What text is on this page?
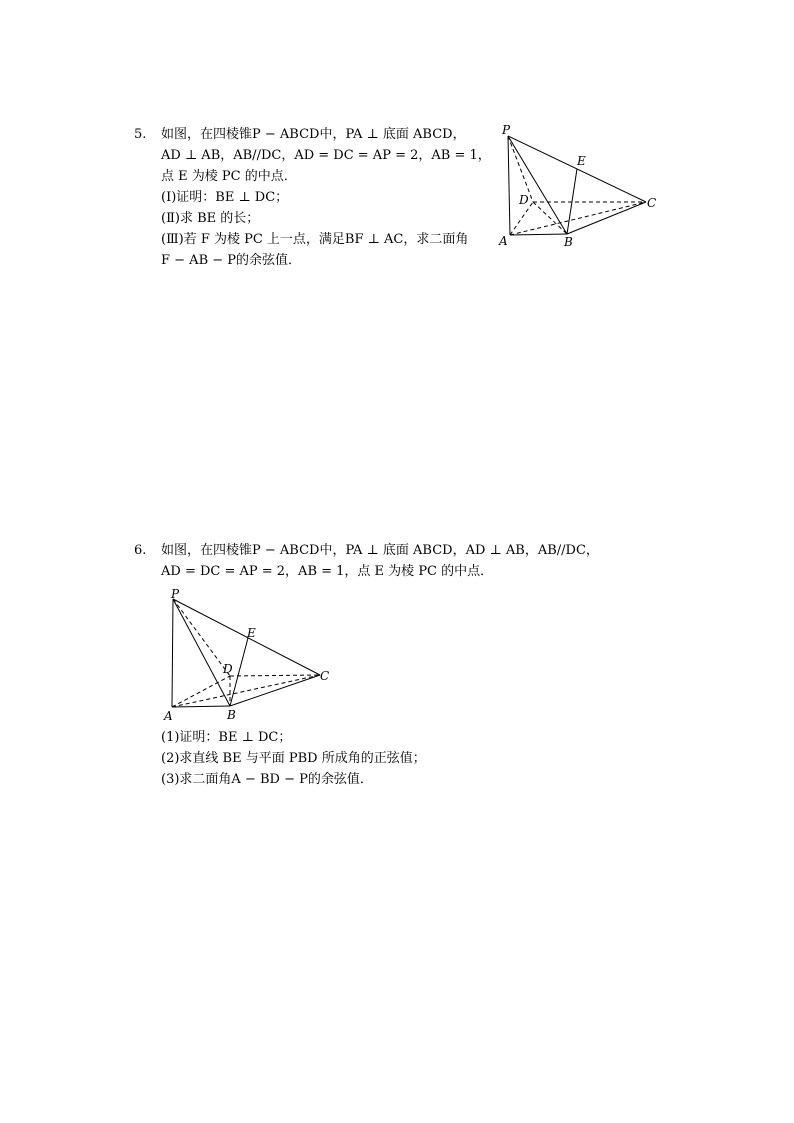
5. 如图，在四棱锥P − ABCD中，PA ⊥ 底面 ABCD，
AD ⊥ AB，AB//DC，AD = DC = AP = 2，AB = 1，
点 E 为棱 PC 的中点．
(Ⅰ)证明：BE ⊥ DC；
(Ⅱ)求 BE 的长；
(Ⅲ)若 F 为棱 PC 上一点，满足BF ⊥ AC，求二面角
F − AB − P的余弦值．
P
E
D	C
A	B
6. 如图，在四棱锥P − ABCD中，PA ⊥ 底面 ABCD，AD ⊥ AB，AB//DC，
AD = DC = AP = 2，AB = 1，点 E 为棱 PC 的中点．
P
E
D	C
A	B
(1)证明：BE ⊥ DC；
(2)求直线 BE 与平面 PBD 所成角的正弦值；
(3)求二面角A − BD − P的余弦值．
